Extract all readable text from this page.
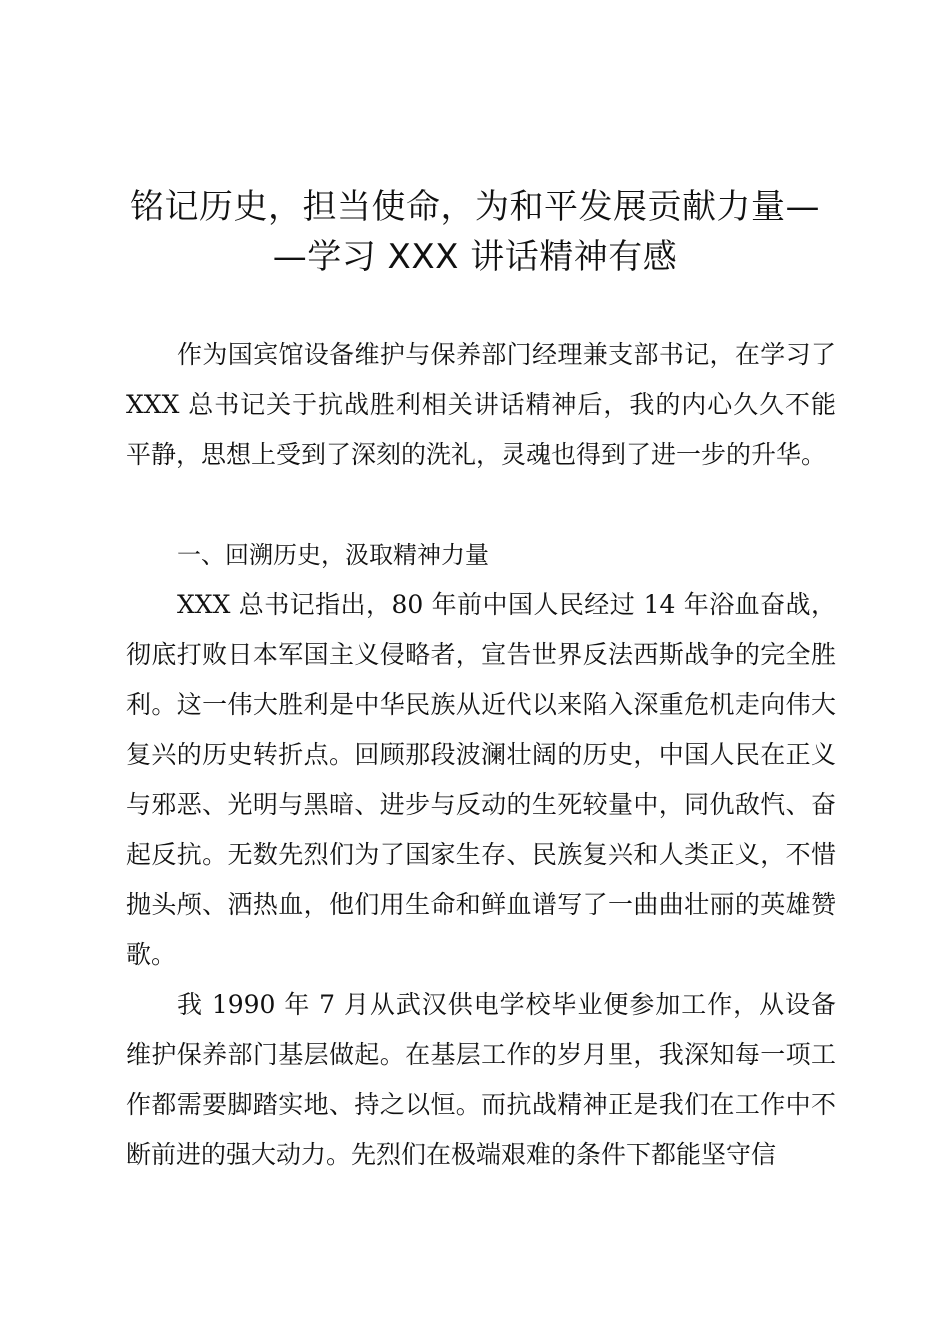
铭记历史，担当使命，为和平发展贡献力量—
—学习 XXX 讲话精神有感

作为国宾馆设备维护与保养部门经理兼支部书记，在学习了 XXX 总书记关于抗战胜利相关讲话精神后，我的内心久久不能平静，思想上受到了深刻的洗礼，灵魂也得到了进一步的升华。

一、回溯历史，汲取精神力量

XXX 总书记指出，80 年前中国人民经过 14 年浴血奋战，彻底打败日本军国主义侵略者，宣告世界反法西斯战争的完全胜利。这一伟大胜利是中华民族从近代以来陷入深重危机走向伟大复兴的历史转折点。回顾那段波澜壮阔的历史，中国人民在正义与邪恶、光明与黑暗、进步与反动的生死较量中，同仇敌忾、奋起反抗。无数先烈们为了国家生存、民族复兴和人类正义，不惜抛头颅、洒热血，他们用生命和鲜血谱写了一曲曲壮丽的英雄赞歌。

我 1990 年 7 月从武汉供电学校毕业便参加工作，从设备维护保养部门基层做起。在基层工作的岁月里，我深知每一项工作都需要脚踏实地、持之以恒。而抗战精神正是我们在工作中不断前进的强大动力。先烈们在极端艰难的条件下都能坚守信
